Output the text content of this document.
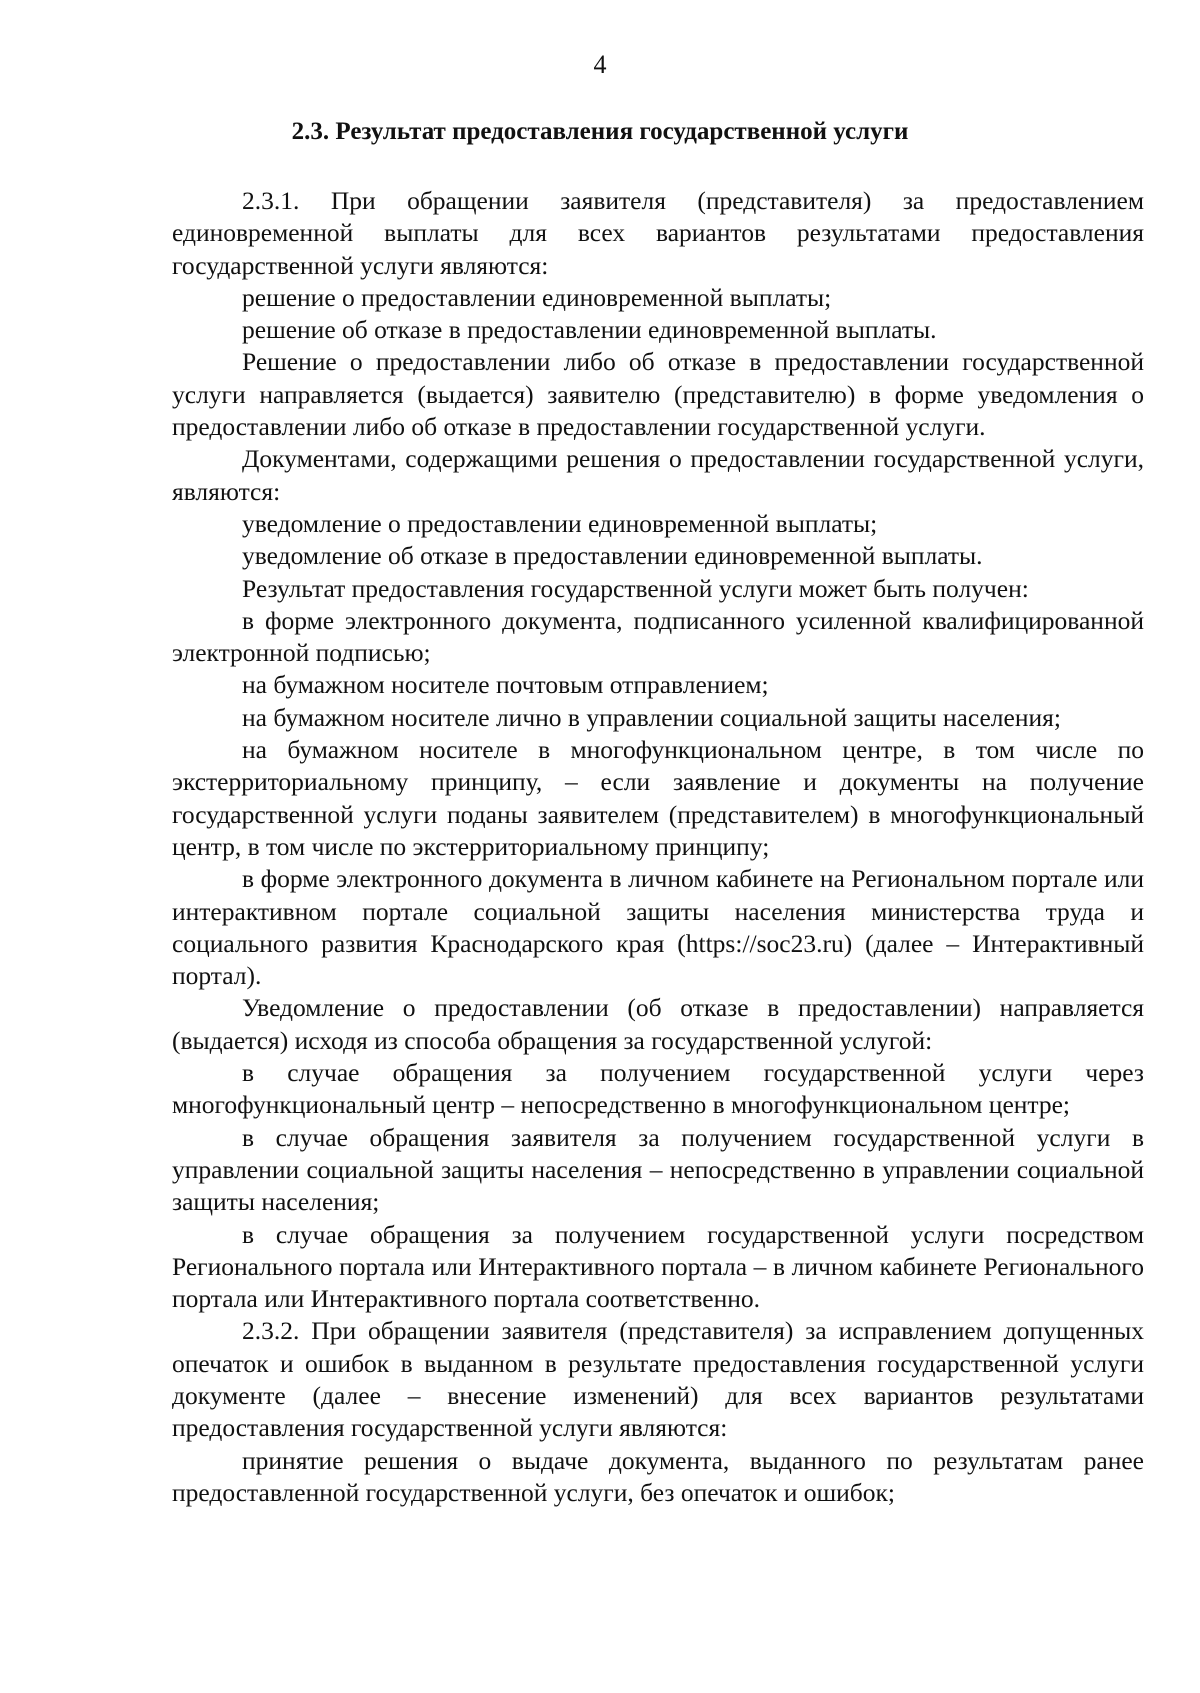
4
2.3. Результат предоставления государственной услуги

2.3.1. При обращении заявителя (представителя) за предоставлением единовременной выплаты для всех вариантов результатами предоставления государственной услуги являются:

решение о предоставлении единовременной выплаты;

решение об отказе в предоставлении единовременной выплаты.

Решение о предоставлении либо об отказе в предоставлении государственной услуги направляется (выдается) заявителю (представителю) в форме уведомления о предоставлении либо об отказе в предоставлении государственной услуги.

Документами, содержащими решения о предоставлении государственной услуги, являются:

уведомление о предоставлении единовременной выплаты;

уведомление об отказе в предоставлении единовременной выплаты.

Результат предоставления государственной услуги может быть получен:

в форме электронного документа, подписанного усиленной квалифицированной электронной подписью;

на бумажном носителе почтовым отправлением;

на бумажном носителе лично в управлении социальной защиты населения;

на бумажном носителе в многофункциональном центре, в том числе по экстерриториальному принципу, – если заявление и документы на получение государственной услуги поданы заявителем (представителем) в многофункциональный центр, в том числе по экстерриториальному принципу;

в форме электронного документа в личном кабинете на Региональном портале или интерактивном портале социальной защиты населения министерства труда и социального развития Краснодарского края (https://soc23.ru) (далее – Интерактивный портал).

Уведомление о предоставлении (об отказе в предоставлении) направляется (выдается) исходя из способа обращения за государственной услугой:

в случае обращения за получением государственной услуги через многофункциональный центр – непосредственно в многофункциональном центре;

в случае обращения заявителя за получением государственной услуги в управлении социальной защиты населения – непосредственно в управлении социальной защиты населения;

в случае обращения за получением государственной услуги посредством Регионального портала или Интерактивного портала – в личном кабинете Регионального портала или Интерактивного портала соответственно.

2.3.2. При обращении заявителя (представителя) за исправлением допущенных опечаток и ошибок в выданном в результате предоставления государственной услуги документе (далее – внесение изменений) для всех вариантов результатами предоставления государственной услуги являются:

принятие решения о выдаче документа, выданного по результатам ранее предоставленной государственной услуги, без опечаток и ошибок;
